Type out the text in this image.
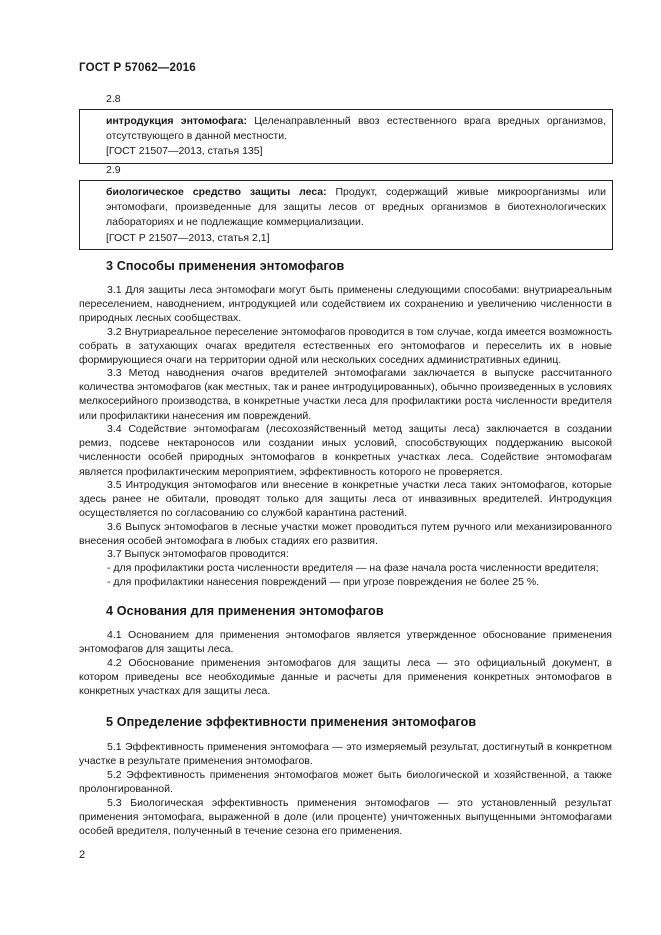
ГОСТ Р 57062—2016
2.8
интродукция энтомофага: Целенаправленный ввоз естественного врага вредных организмов, отсутствующего в данной местности.
[ГОСТ 21507—2013, статья 135]
2.9
биологическое средство защиты леса: Продукт, содержащий живые микроорганизмы или энтомофаги, произведенные для защиты лесов от вредных организмов в биотехнологических лабораториях и не подлежащие коммерциализации.
[ГОСТ Р 21507—2013, статья 2,1]
3 Способы применения энтомофагов

3.1 Для защиты леса энтомофаги могут быть применены следующими способами: внутриареальным переселением, наводнением, интродукцией или содействием их сохранению и увеличению численности в природных лесных сообществах.

3.2 Внутриареальное переселение энтомофагов проводится в том случае, когда имеется возможность собрать в затухающих очагах вредителя естественных его энтомофагов и переселить их в новые формирующиеся очаги на территории одной или нескольких соседних административных единиц.

3.3 Метод наводнения очагов вредителей энтомофагами заключается в выпуске рассчитанного количества энтомофагов (как местных, так и ранее интродуцированных), обычно произведенных в условиях мелкосерийного производства, в конкретные участки леса для профилактики роста численности вредителя или профилактики нанесения им повреждений.

3.4 Содействие энтомофагам (лесохозяйственный метод защиты леса) заключается в создании ремиз, подсеве нектароносов или создании иных условий, способствующих поддержанию высокой численности особей природных энтомофагов в конкретных участках леса. Содействие энтомофагам является профилактическим мероприятием, эффективность которого не проверяется.

3.5 Интродукция энтомофагов или внесение в конкретные участки леса таких энтомофагов, которые здесь ранее не обитали, проводят только для защиты леса от инвазивных вредителей. Интродукция осуществляется по согласованию со службой карантина растений.

3.6 Выпуск энтомофагов в лесные участки может проводиться путем ручного или механизированного внесения особей энтомофага в любых стадиях его развития.

3.7 Выпуск энтомофагов проводится:

- для профилактики роста численности вредителя — на фазе начала роста численности вредителя;

- для профилактики нанесения повреждений — при угрозе повреждения не более 25 %.

4 Основания для применения энтомофагов

4.1 Основанием для применения энтомофагов является утвержденное обоснование применения энтомофагов для защиты леса.

4.2 Обоснование применения энтомофагов для защиты леса — это официальный документ, в котором приведены все необходимые данные и расчеты для применения конкретных энтомофагов в конкретных участках для защиты леса.

5 Определение эффективности применения энтомофагов

5.1 Эффективность применения энтомофага — это измеряемый результат, достигнутый в конкретном участке в результате применения энтомофагов.

5.2 Эффективность применения энтомофагов может быть биологической и хозяйственной, а также пролонгированной.

5.3 Биологическая эффективность применения энтомофагов — это установленный результат применения энтомофага, выраженной в доле (или проценте) уничтоженных выпущенными энтомофагами особей вредителя, полученный в течение сезона его применения.

2
